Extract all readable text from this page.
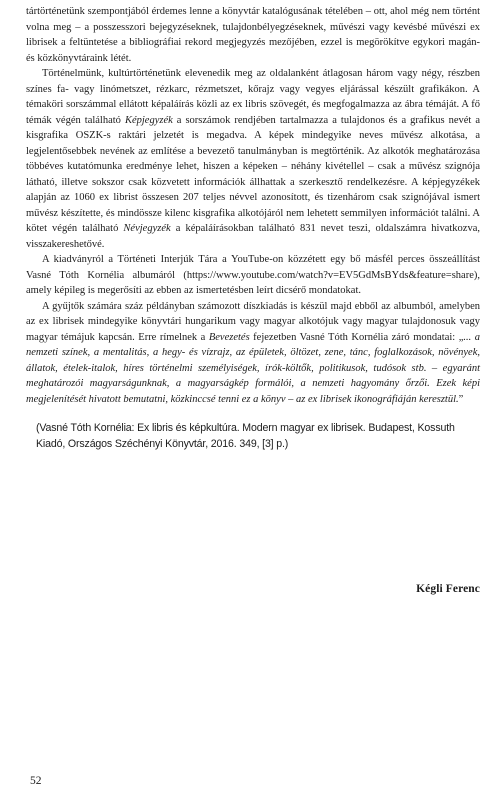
tártörténetünk szempontjából érdemes lenne a könyvtár katalógusának tételében – ott, ahol még nem történt volna meg – a posszesszori bejegyzéseknek, tulajdonbélyegzéseknek, művészi vagy kevésbé művészi ex librisek a feltüntetése a bibliográfiai rekord megjegyzés mezőjében, ezzel is megörökítve egykori magán- és közkönyvtáraink létét.

Történelmünk, kultúrtörténetünk elevenedik meg az oldalanként átlagosan három vagy négy, részben színes fa- vagy linómetszet, rézkarc, rézmetszet, kőrajz vagy vegyes eljárással készült grafikákon. A témaköri sorszámmal ellátott képaláírás közli az ex libris szövegét, és megfogalmazza az ábra témáját. A fő témák végén található Képjegyzék a sorszámok rendjében tartalmazza a tulajdonos és a grafikus nevét a kisgrafika OSZK-s raktári jelzetét is megadva. A képek mindegyike neves művész alkotása, a legjelentősebbek nevének az említése a bevezető tanulmányban is megtörténik. Az alkotók meghatározása többéves kutatómunka eredménye lehet, hiszen a képeken – néhány kivétellel – csak a művész szignója látható, illetve sokszor csak közvetett információk állhattak a szerkesztő rendelkezésre. A képjegyzékek alapján az 1060 ex librist összesen 207 teljes névvel azonosított, és tizenhárom csak szignójával ismert művész készítette, és mindössze kilenc kisgrafika alkotójáról nem lehetett semmilyen információt találni. A kötet végén található Névjegyzék a képaláírásokban található 831 nevet teszi, oldalszámra hivatkozva, visszakereshetővé.

A kiadványról a Történeti Interjúk Tára a YouTube-on közzétett egy bő másfél perces összeállítást Vasné Tóth Kornélia albumáról (https://www.youtube.com/watch?v=EV5GdMsBYds&feature=share), amely képileg is megerősíti az ebben az ismertetésben leírt dicsérő mondatokat.

A gyűjtők számára száz példányban számozott díszkiadás is készül majd ebből az albumból, amelyben az ex librisek mindegyike könyvtári hungarikum vagy magyar alkotójuk vagy magyar tulajdonosuk vagy magyar témájuk kapcsán. Erre rímelnek a Bevezetés fejezetben Vasné Tóth Kornélia záró mondatai: „... a nemzeti színek, a mentalitás, a hegy- és vízrajz, az épületek, öltözet, zene, tánc, foglalkozások, növények, állatok, ételek-italok, híres történelmi személyiségek, írók-költők, politikusok, tudósok stb. – egyaránt meghatározói magyarságunknak, a magyarságkép formálói, a nemzeti hagyomány őrzői. Ezek képi megjelenítését hivatott bemutatni, közkinccsé tenni ez a könyv – az ex librisek ikonográfiáján keresztül.”

(Vasné Tóth Kornélia: Ex libris és képkultúra. Modern magyar ex librisek. Budapest, Kossuth Kiadó, Országos Széchényi Könyvtár, 2016. 349, [3] p.)
Kégli Ferenc
52
